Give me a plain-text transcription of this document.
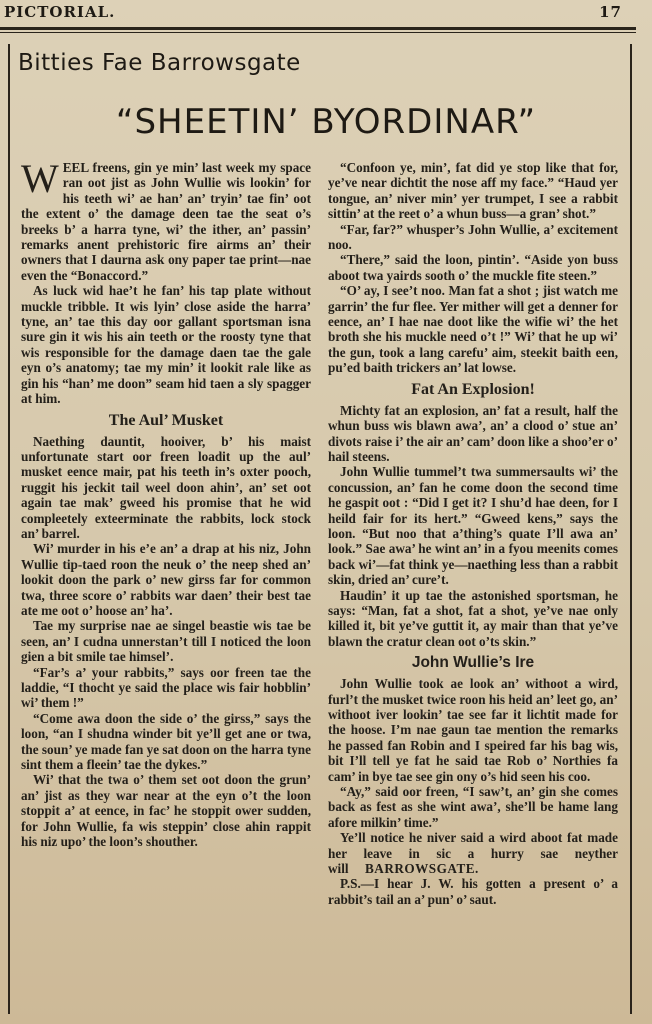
PICTORIAL.	17
Bitties Fae Barrowsgate
“SHEETIN’ BYORDINAR”

WEEL freens, gin ye min’ last week my space ran oot jist as John Wullie wis lookin’ for his teeth wi’ ae han’ an’ tryin’ tae fin’ oot the extent o’ the damage deen tae the seat o’s breeks b’ a harra tyne, wi’ the ither, an’ passin’ remarks anent prehistoric fire airms an’ their owners that I daurna ask ony paper tae print—nae even the “Bonaccord.”

As luck wid hae’t he fan’ his tap plate without muckle tribble. It wis lyin’ close aside the harra’ tyne, an’ tae this day oor gallant sportsman isna sure gin it wis his ain teeth or the roosty tyne that wis responsible for the damage daen tae the gale eyn o’s anatomy; tae my min’ it lookit rale like as gin his “han’ me doon” seam hid taen a sly spagger at him.

The Aul’ Musket

Naething dauntit, hooiver, b’ his maist unfortunate start oor freen loadit up the aul’ musket eence mair, pat his teeth in’s oxter pooch, ruggit his jeckit tail weel doon ahin’, an’ set oot again tae mak’ gweed his promise that he wid compleetely exteerminate the rabbits, lock stock an’ barrel.

Wi’ murder in his e’e an’ a drap at his niz, John Wullie tip-taed roon the neuk o’ the neep shed an’ lookit doon the park o’ new girss far for common twa, three score o’ rabbits war daen’ their best tae ate me oot o’ hoose an’ ha’.

Tae my surprise nae ae singel beastie wis tae be seen, an’ I cudna unnerstan’t till I noticed the loon gien a bit smile tae himsel’.

“Far’s a’ your rabbits,” says oor freen tae the laddie, “I thocht ye said the place wis fair hobblin’ wi’ them !”

“Come awa doon the side o’ the girss,” says the loon, “an I shudna winder bit ye’ll get ane or twa, the soun’ ye made fan ye sat doon on the harra tyne sint them a fleein’ tae the dykes.”

Wi’ that the twa o’ them set oot doon the grun’ an’ jist as they war near at the eyn o’t the loon stoppit a’ at eence, in fac’ he stoppit ower sudden, for John Wullie, fa wis steppin’ close ahin rappit his niz upo’ the loon’s shouther.

“Confoon ye, min’, fat did ye stop like that for, ye’ve near dichtit the nose aff my face.” “Haud yer tongue, an’ niver min’ yer trumpet, I see a rabbit sittin’ at the reet o’ a whun buss—a gran’ shot.”

“Far, far?” whusper’s John Wullie, a’ excitement noo.

“There,” said the loon, pintin’. “Aside yon buss aboot twa yairds sooth o’ the muckle fite steen.”

“O’ ay, I see’t noo. Man fat a shot ; jist watch me garrin’ the fur flee. Yer mither will get a denner for eence, an’ I hae nae doot like the wifie wi’ the het broth she his muckle need o’t !” Wi’ that he up wi’ the gun, took a lang carefu’ aim, steekit baith een, pu’ed baith trickers an’ lat lowse.

Fat An Explosion!

Michty fat an explosion, an’ fat a result, half the whun buss wis blawn awa’, an’ a clood o’ stue an’ divots raise i’ the air an’ cam’ doon like a shoo’er o’ hail steens.

John Wullie tummel’t twa summersaults wi’ the concussion, an’ fan he come doon the second time he gaspit oot : “Did I get it? I shu’d hae deen, for I heild fair for its hert.” “Gweed kens,” says the loon. “But noo that a’thing’s quate I’ll awa an’ look.” Sae awa’ he wint an’ in a fyou meenits comes back wi’—fat think ye—naething less than a rabbit skin, dried an’ cure’t.

Haudin’ it up tae the astonished sportsman, he says: “Man, fat a shot, fat a shot, ye’ve nae only killed it, bit ye’ve guttit it, ay mair than that ye’ve blawn the cratur clean oot o’ts skin.”

John Wullie’s Ire

John Wullie took ae look an’ withoot a wird, furl’t the musket twice roon his heid an’ leet go, an’ withoot iver lookin’ tae see far it lichtit made for the hoose. I’m nae gaun tae mention the remarks he passed fan Robin and I speired far his bag wis, bit I’ll tell ye fat he said tae Rob o’ Northies fa cam’ in bye tae see gin ony o’s hid seen his coo.

“Ay,” said oor freen, “I saw’t, an’ gin she comes back as fest as she wint awa’, she’ll be hame lang afore milkin’ time.”

Ye’ll notice he niver said a wird aboot fat made her leave in sic a hurry sae neyther will BARROWSGATE.

P.S.—I hear J. W. his gotten a present o’ a rabbit’s tail an a’ pun’ o’ saut.
